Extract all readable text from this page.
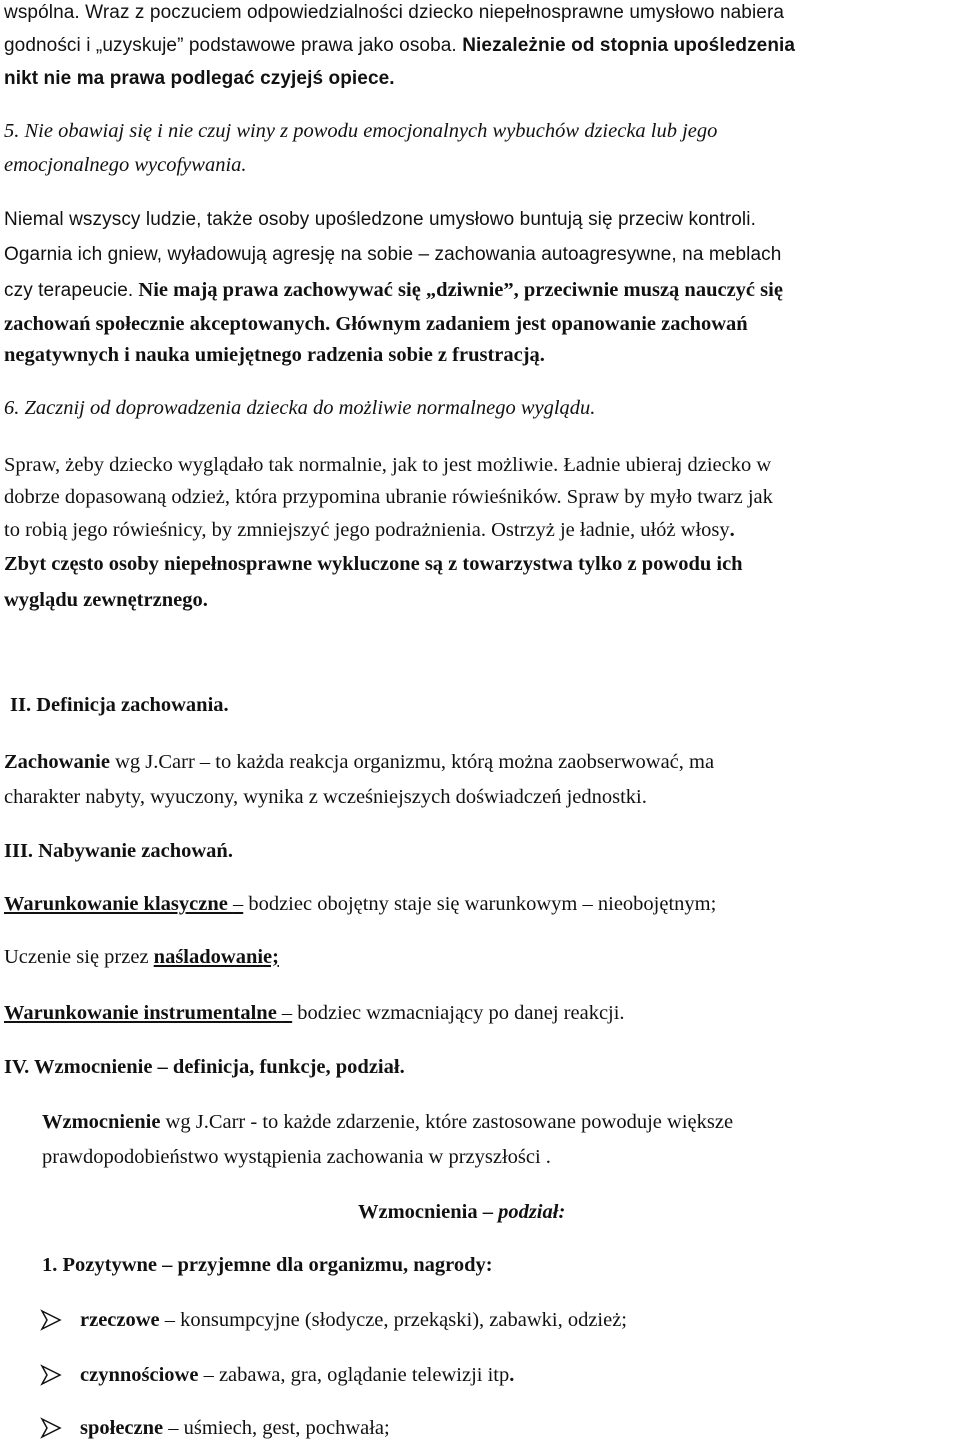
wspólna. Wraz z poczuciem odpowiedzialności dziecko niepełnosprawne umysłowo nabiera
godności i „uzyskuje” podstawowe prawa jako osoba. Niezależnie od stopnia upośledzenia
nikt nie ma prawa podlegać czyjejś opiece.
5. Nie obawiaj się i nie czuj winy z powodu emocjonalnych wybuchów dziecka lub jego
emocjonalnego wycofywania.
Niemal wszyscy ludzie, także osoby upośledzone umysłowo buntują się przeciw kontroli.
Ogarnia ich gniew, wyładowują agresję na sobie – zachowania autoagresywne, na meblach
czy terapeucie. Nie mają prawa zachowywać się „dziwnie”, przeciwnie muszą nauczyć się
zachowań społecznie akceptowanych. Głównym zadaniem jest opanowanie zachowań
negatywnych i nauka umiejętnego radzenia sobie z frustracją.
6. Zacznij od doprowadzenia dziecka do możliwie normalnego wyglądu.
Spraw, żeby dziecko wyglądało tak normalnie, jak to jest możliwie. Ładnie ubieraj dziecko w
dobrze dopasowaną odzież, która przypomina ubranie rówieśników. Spraw by myło twarz jak
to robią jego rówieśnicy, by zmniejszyć jego podrażnienia. Ostrzyż je ładnie, ułóż włosy.
Zbyt często osoby niepełnosprawne wykluczone są z towarzystwa tylko z powodu ich
wyglądu zewnętrznego.
II. Definicja zachowania.
Zachowanie wg J.Carr – to każda reakcja organizmu, którą można zaobserwować, ma
charakter nabyty, wyuczony, wynika z wcześniejszych doświadczeń jednostki.
III. Nabywanie zachowań.
Warunkowanie klasyczne – bodziec obojętny staje się warunkowym – nieobojętnym;
Uczenie się przez naśladowanie;
Warunkowanie instrumentalne – bodziec wzmacniający po danej reakcji.
IV. Wzmocnienie – definicja, funkcje, podział.
Wzmocnienie wg J.Carr - to każde zdarzenie, które zastosowane powoduje większe
prawdopodobieństwo wystąpienia zachowania w przyszłości .
Wzmocnienia – podział:
1. Pozytywne – przyjemne dla organizmu, nagrody:
rzeczowe – konsumpcyjne (słodycze, przekąski), zabawki, odzież;
czynnościowe – zabawa, gra, oglądanie telewizji itp.
społeczne – uśmiech, gest, pochwała;
